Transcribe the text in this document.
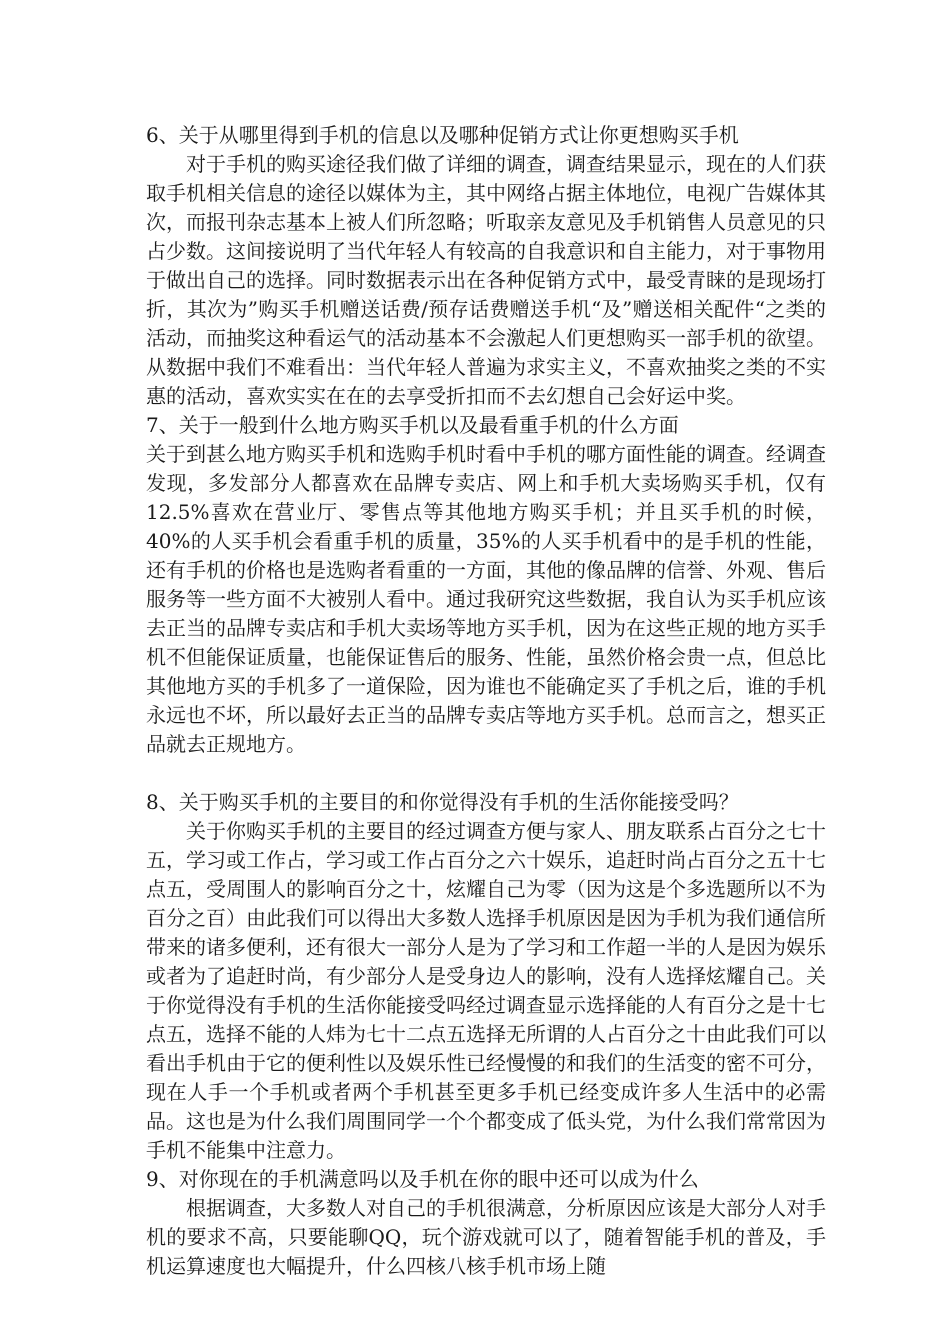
6、关于从哪里得到手机的信息以及哪种促销方式让你更想购买手机

对于手机的购买途径我们做了详细的调查，调查结果显示，现在的人们获取手机相关信息的途径以媒体为主，其中网络占据主体地位，电视广告媒体其次，而报刊杂志基本上被人们所忽略；听取亲友意见及手机销售人员意见的只占少数。这间接说明了当代年轻人有较高的自我意识和自主能力，对于事物用于做出自己的选择。同时数据表示出在各种促销方式中，最受青睐的是现场打折，其次为”购买手机赠送话费/预存话费赠送手机“及”赠送相关配件“之类的活动，而抽奖这种看运气的活动基本不会激起人们更想购买一部手机的欲望。从数据中我们不难看出：当代年轻人普遍为求实主义，不喜欢抽奖之类的不实惠的活动，喜欢实实在在的去享受折扣而不去幻想自己会好运中奖。

7、关于一般到什么地方购买手机以及最看重手机的什么方面

关于到甚么地方购买手机和选购手机时看中手机的哪方面性能的调查。经调查发现，多发部分人都喜欢在品牌专卖店、网上和手机大卖场购买手机，仅有12.5%喜欢在营业厅、零售点等其他地方购买手机；并且买手机的时候，40%的人买手机会看重手机的质量，35%的人买手机看中的是手机的性能，还有手机的价格也是选购者看重的一方面，其他的像品牌的信誉、外观、售后服务等一些方面不大被别人看中。通过我研究这些数据，我自认为买手机应该去正当的品牌专卖店和手机大卖场等地方买手机，因为在这些正规的地方买手机不但能保证质量，也能保证售后的服务、性能，虽然价格会贵一点，但总比其他地方买的手机多了一道保险，因为谁也不能确定买了手机之后，谁的手机永远也不坏，所以最好去正当的品牌专卖店等地方买手机。总而言之，想买正品就去正规地方。

8、关于购买手机的主要目的和你觉得没有手机的生活你能接受吗？

关于你购买手机的主要目的经过调查方便与家人、朋友联系占百分之七十五，学习或工作占，学习或工作占百分之六十娱乐，追赶时尚占百分之五十七点五，受周围人的影响百分之十，炫耀自己为零（因为这是个多选题所以不为百分之百）由此我们可以得出大多数人选择手机原因是因为手机为我们通信所带来的诸多便利，还有很大一部分人是为了学习和工作超一半的人是因为娱乐或者为了追赶时尚，有少部分人是受身边人的影响，没有人选择炫耀自己。关于你觉得没有手机的生活你能接受吗经过调查显示选择能的人有百分之是十七点五，选择不能的人炜为七十二点五选择无所谓的人占百分之十由此我们可以看出手机由于它的便利性以及娱乐性已经慢慢的和我们的生活变的密不可分，现在人手一个手机或者两个手机甚至更多手机已经变成许多人生活中的必需品。这也是为什么我们周围同学一个个都变成了低头党，为什么我们常常因为手机不能集中注意力。

9、对你现在的手机满意吗以及手机在你的眼中还可以成为什么

根据调查，大多数人对自己的手机很满意，分析原因应该是大部分人对手机的要求不高，只要能聊QQ，玩个游戏就可以了，随着智能手机的普及，手机运算速度也大幅提升，什么四核八核手机市场上随
